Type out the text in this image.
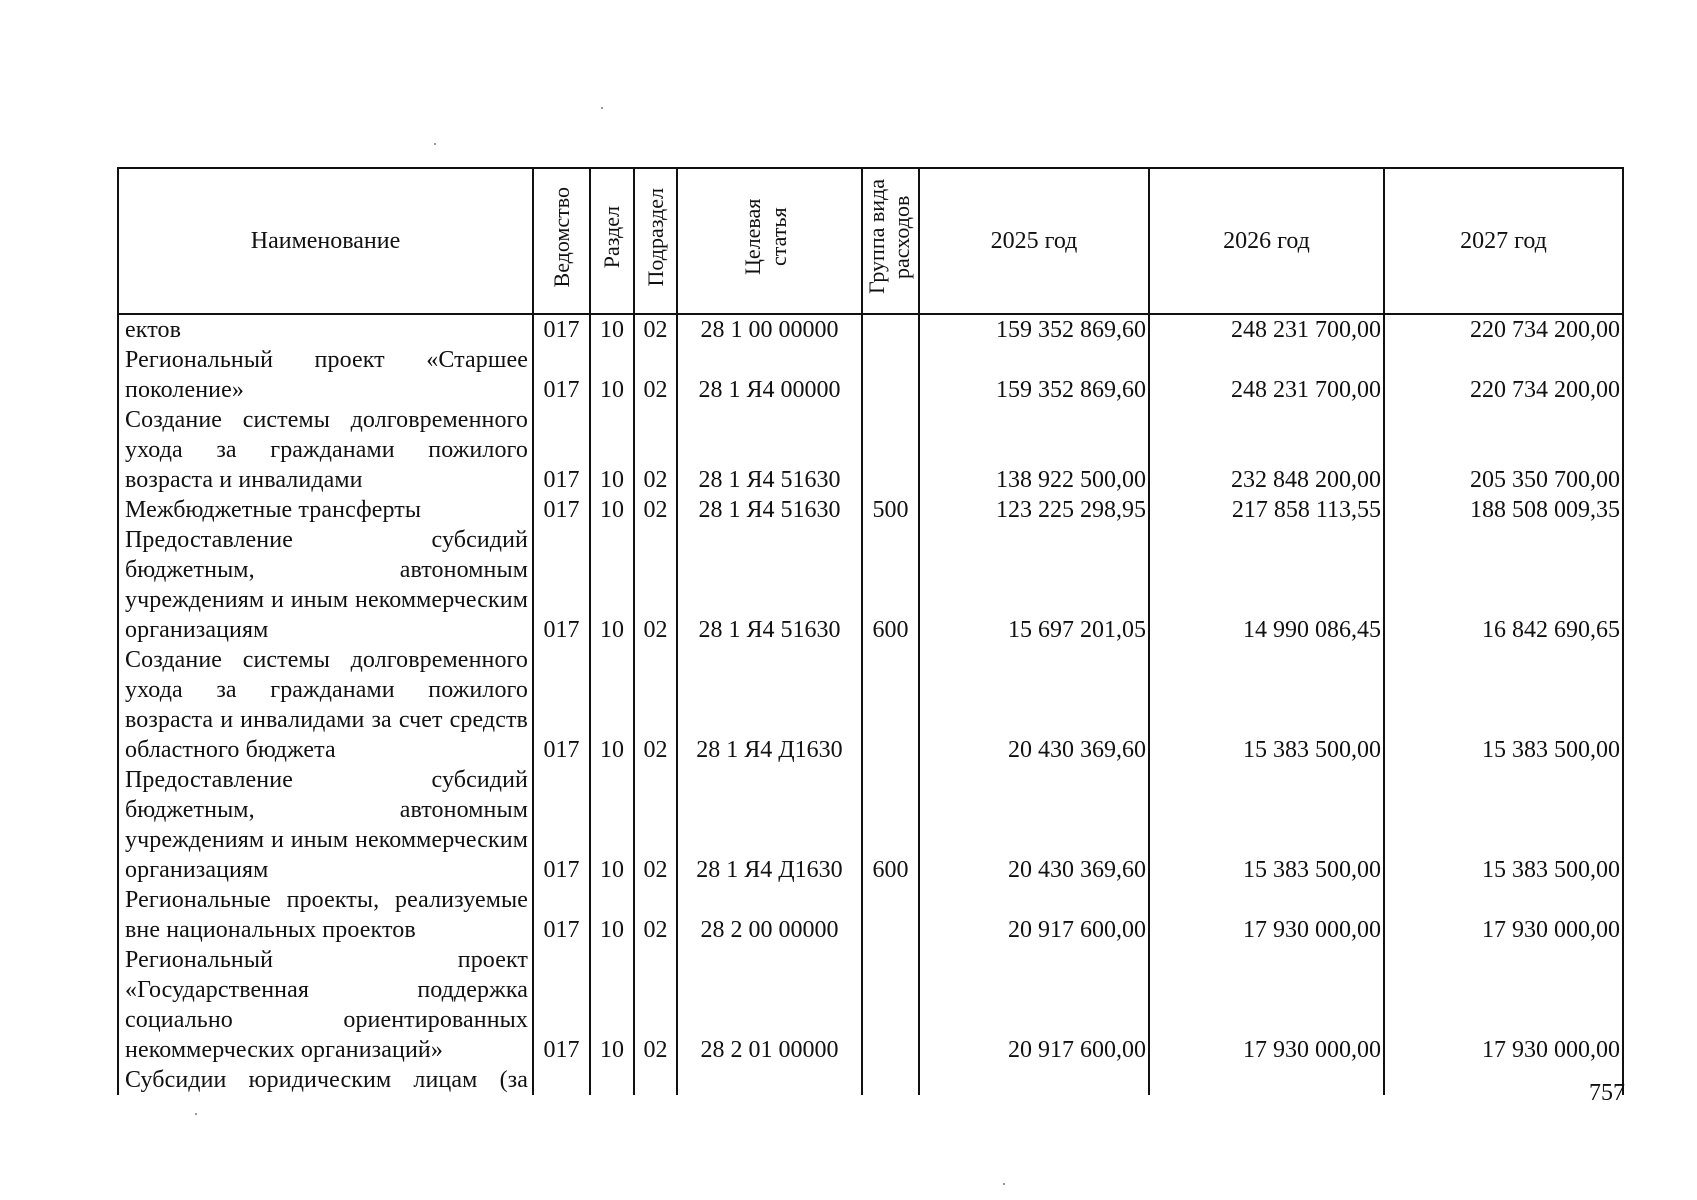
Наименование	Ведомство	Раздел	Подраздел	Целевая статья	Группа вида расходов	2025 год	2026 год	2027 год
ектов	017	10	02	28 1 00 00000		159 352 869,60	248 231 700,00	220 734 200,00
Региональный проект «Старшее поколение»	017	10	02	28 1 Я4 00000		159 352 869,60	248 231 700,00	220 734 200,00
Создание системы долговременного ухода за гражданами пожилого возраста и инвалидами	017	10	02	28 1 Я4 51630		138 922 500,00	232 848 200,00	205 350 700,00
Межбюджетные трансферты	017	10	02	28 1 Я4 51630	500	123 225 298,95	217 858 113,55	188 508 009,35
Предоставление субсидий бюджетным, автономным учреждениям и иным некоммерческим организациям	017	10	02	28 1 Я4 51630	600	15 697 201,05	14 990 086,45	16 842 690,65
Создание системы долговременного ухода за гражданами пожилого возраста и инвалидами за счет средств областного бюджета	017	10	02	28 1 Я4 Д1630		20 430 369,60	15 383 500,00	15 383 500,00
Предоставление субсидий бюджетным, автономным учреждениям и иным некоммерческим организациям	017	10	02	28 1 Я4 Д1630	600	20 430 369,60	15 383 500,00	15 383 500,00
Региональные проекты, реализуемые вне национальных проектов	017	10	02	28 2 00 00000		20 917 600,00	17 930 000,00	17 930 000,00
Региональный проект «Государственная поддержка социально ориентированных некоммерческих организаций»	017	10	02	28 2 01 00000		20 917 600,00	17 930 000,00	17 930 000,00
Субсидии юридическим лицам (за									757
